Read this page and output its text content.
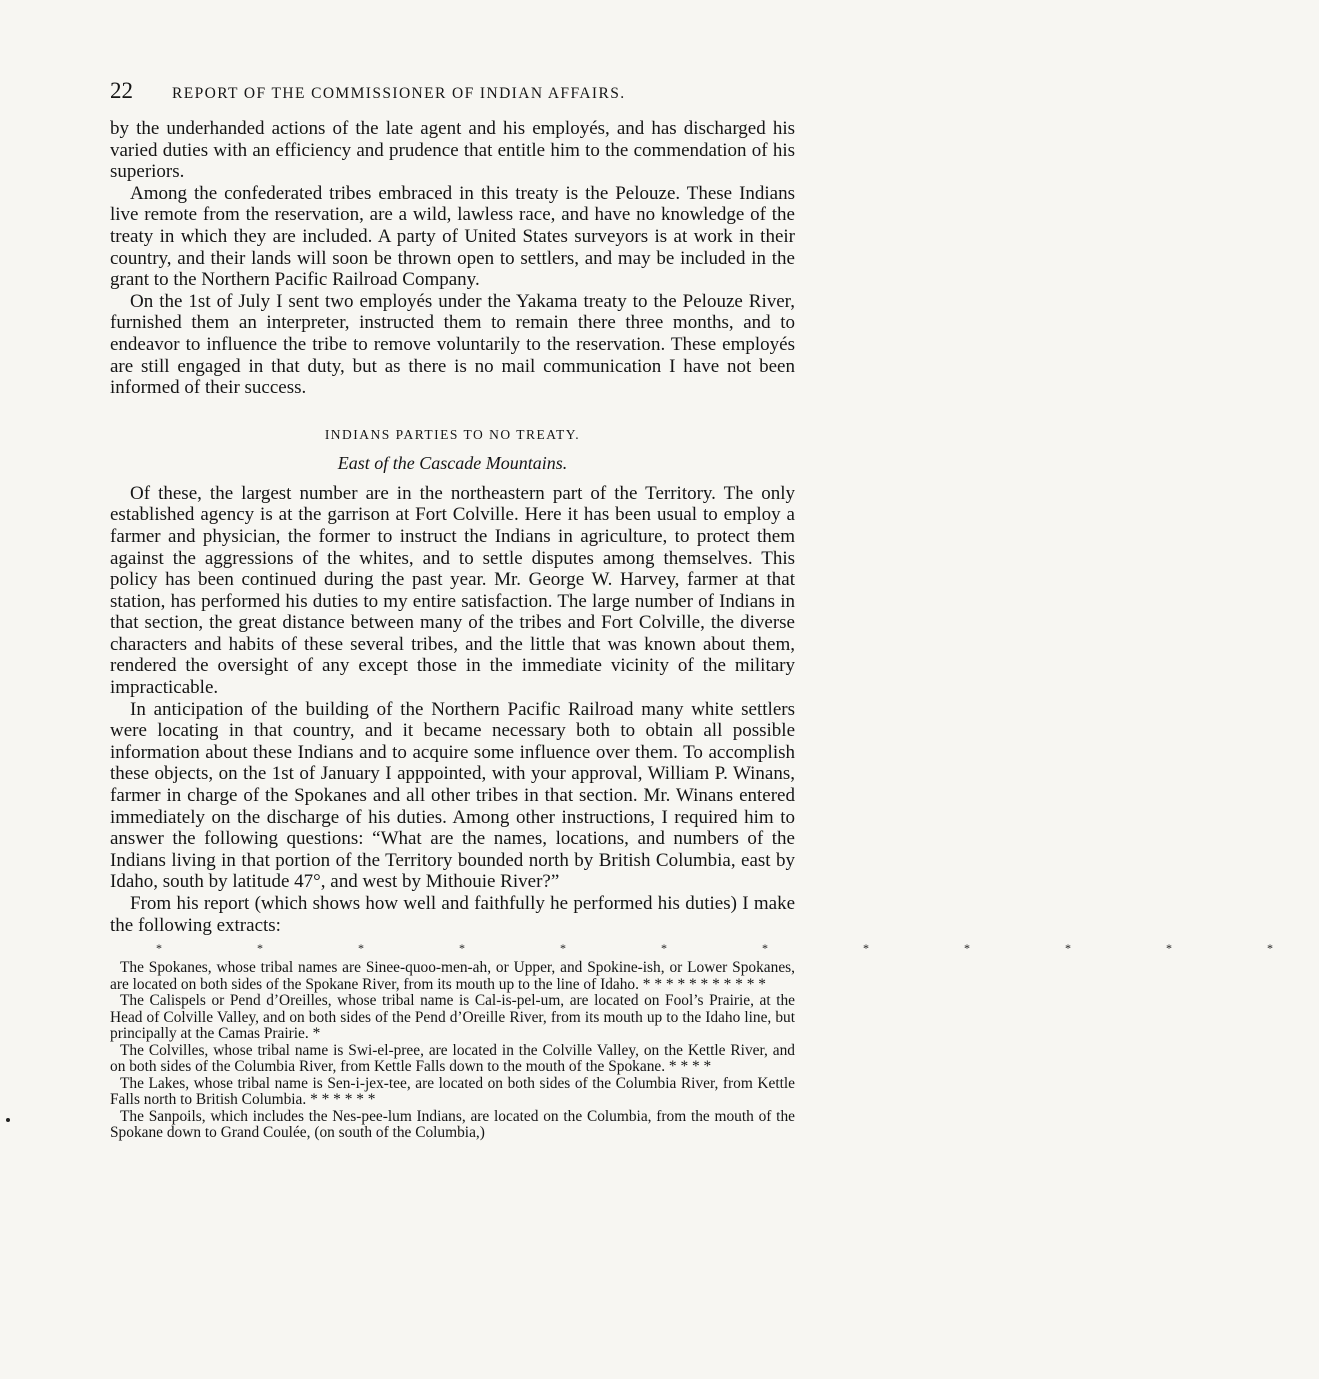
22	REPORT OF THE COMMISSIONER OF INDIAN AFFAIRS.

by the underhanded actions of the late agent and his employés, and has discharged his varied duties with an efficiency and prudence that entitle him to the commendation of his superiors.

Among the confederated tribes embraced in this treaty is the Pelouze. These Indians live remote from the reservation, are a wild, lawless race, and have no knowledge of the treaty in which they are included. A party of United States surveyors is at work in their country, and their lands will soon be thrown open to settlers, and may be included in the grant to the Northern Pacific Railroad Company.

On the 1st of July I sent two employés under the Yakama treaty to the Pelouze River, furnished them an interpreter, instructed them to remain there three months, and to endeavor to influence the tribe to remove voluntarily to the reservation. These employés are still engaged in that duty, but as there is no mail communication I have not been informed of their success.

INDIANS PARTIES TO NO TREATY.
East of the Cascade Mountains.

Of these, the largest number are in the northeastern part of the Territory. The only established agency is at the garrison at Fort Colville. Here it has been usual to employ a farmer and physician, the former to instruct the Indians in agriculture, to protect them against the aggressions of the whites, and to settle disputes among themselves. This policy has been continued during the past year. Mr. George W. Harvey, farmer at that station, has performed his duties to my entire satisfaction. The large number of Indians in that section, the great distance between many of the tribes and Fort Colville, the diverse characters and habits of these several tribes, and the little that was known about them, rendered the oversight of any except those in the immediate vicinity of the military impracticable.

In anticipation of the building of the Northern Pacific Railroad many white settlers were locating in that country, and it became necessary both to obtain all possible information about these Indians and to acquire some influence over them. To accomplish these objects, on the 1st of January I apppointed, with your approval, William P. Winans, farmer in charge of the Spokanes and all other tribes in that section. Mr. Winans entered immediately on the discharge of his duties. Among other instructions, I required him to answer the following questions: “What are the names, locations, and numbers of the Indians living in that portion of the Territory bounded north by British Columbia, east by Idaho, south by latitude 47°, and west by Mithouie River?”

From his report (which shows how well and faithfully he performed his duties) I make the following extracts:

* * * * * * * * * * * *

The Spokanes, whose tribal names are Sinee-quoo-men-ah, or Upper, and Spokine-ish, or Lower Spokanes, are located on both sides of the Spokane River, from its mouth up to the line of Idaho. * * * * * * * * * * *

The Calispels or Pend d’Oreilles, whose tribal name is Cal-is-pel-um, are located on Fool’s Prairie, at the Head of Colville Valley, and on both sides of the Pend d’Oreille River, from its mouth up to the Idaho line, but principally at the Camas Prairie. *

The Colvilles, whose tribal name is Swi-el-pree, are located in the Colville Valley, on the Kettle River, and on both sides of the Columbia River, from Kettle Falls down to the mouth of the Spokane. * * * *

The Lakes, whose tribal name is Sen-i-jex-tee, are located on both sides of the Columbia River, from Kettle Falls north to British Columbia. * * * * * *

The Sanpoils, which includes the Nes-pee-lum Indians, are located on the Columbia, from the mouth of the Spokane down to Grand Coulée, (on south of the Columbia,)
